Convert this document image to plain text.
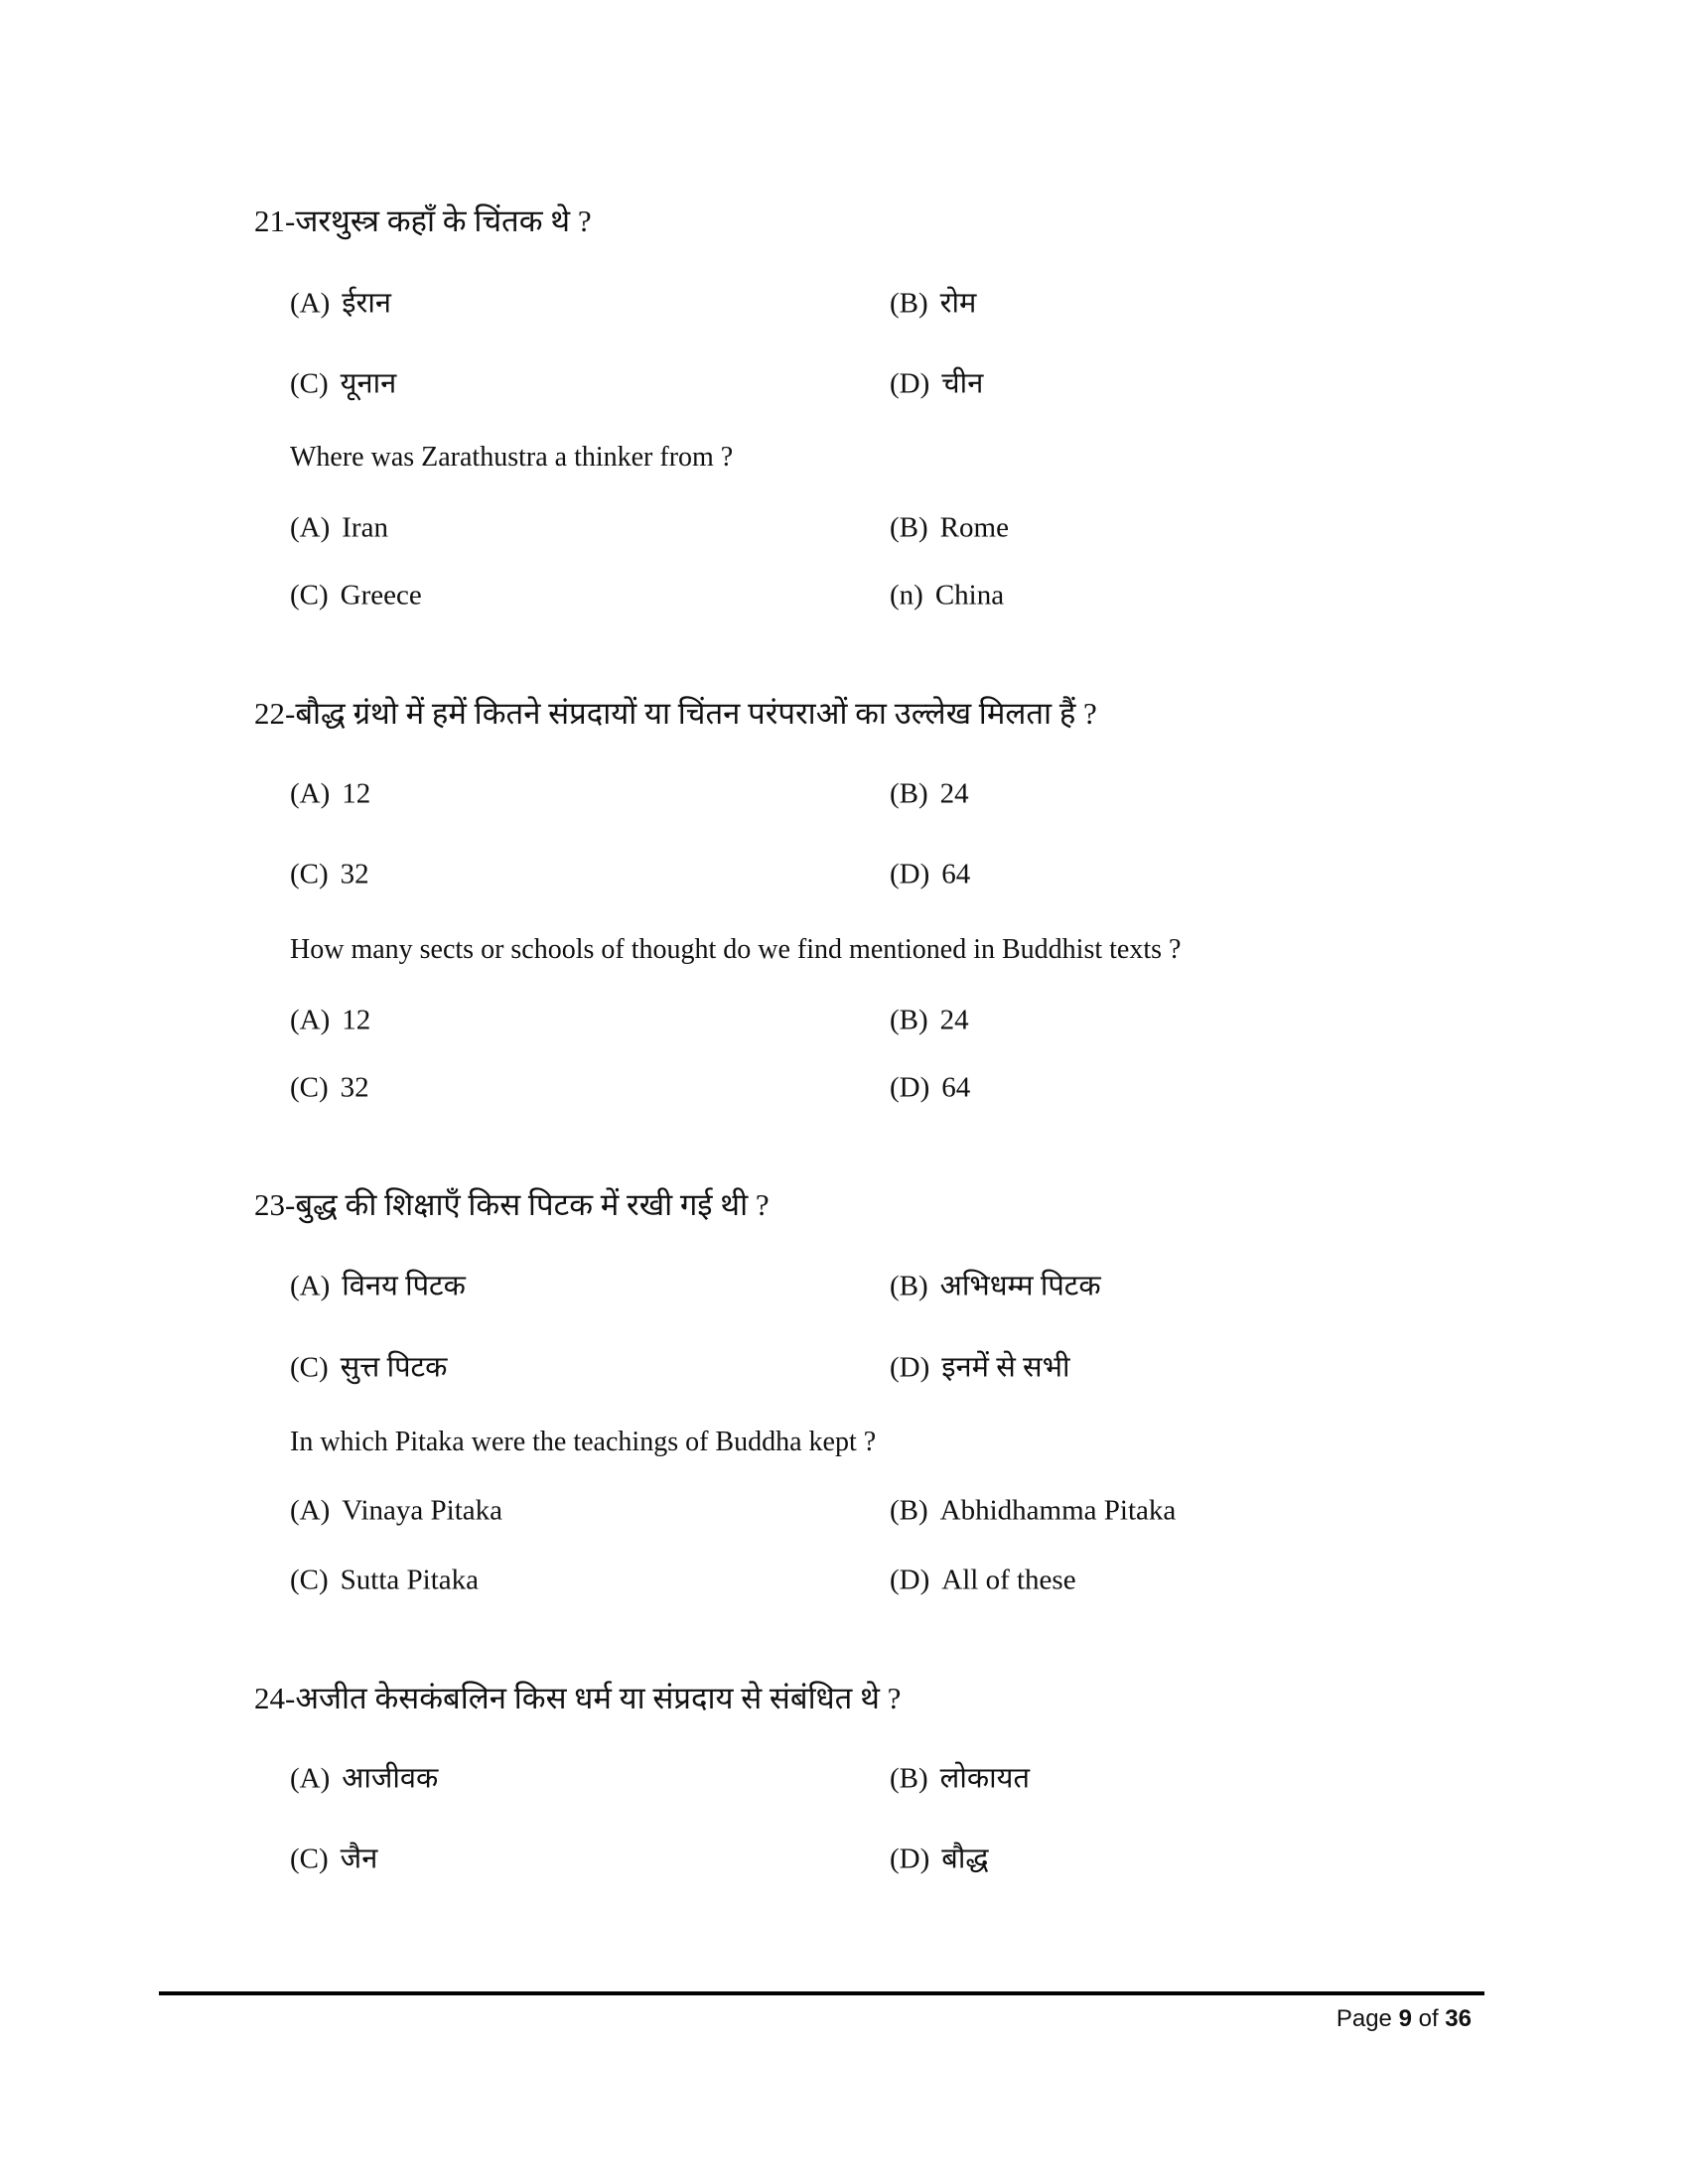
21-जरथुस्त्र कहाँ के चिंतक थे ?
(A) ईरान	(B) रोम
(C) यूनान	(D) चीन
Where was Zarathustra a thinker from ?
(A) Iran	(B) Rome
(C) Greece	(n) China
22-बौद्ध ग्रंथो में हमें कितने संप्रदायों या चिंतन परंपराओं का उल्लेख मिलता हैं ?
(A) 12	(B) 24
(C) 32	(D) 64
How many sects or schools of thought do we find mentioned in Buddhist texts ?
(A) 12	(B) 24
(C) 32	(D) 64
23-बुद्ध की शिक्षाएँ किस पिटक में रखी गई थी ?
(A) विनय पिटक	(B) अभिधम्म पिटक
(C) सुत्त पिटक	(D) इनमें से सभी
In which Pitaka were the teachings of Buddha kept ?
(A) Vinaya Pitaka	(B) Abhidhamma Pitaka
(C) Sutta Pitaka	(D) All of these
24-अजीत केसकंबलिन किस धर्म या संप्रदाय से संबंधित थे ?
(A) आजीवक	(B) लोकायत
(C) जैन	(D) बौद्ध
Page 9 of 36
